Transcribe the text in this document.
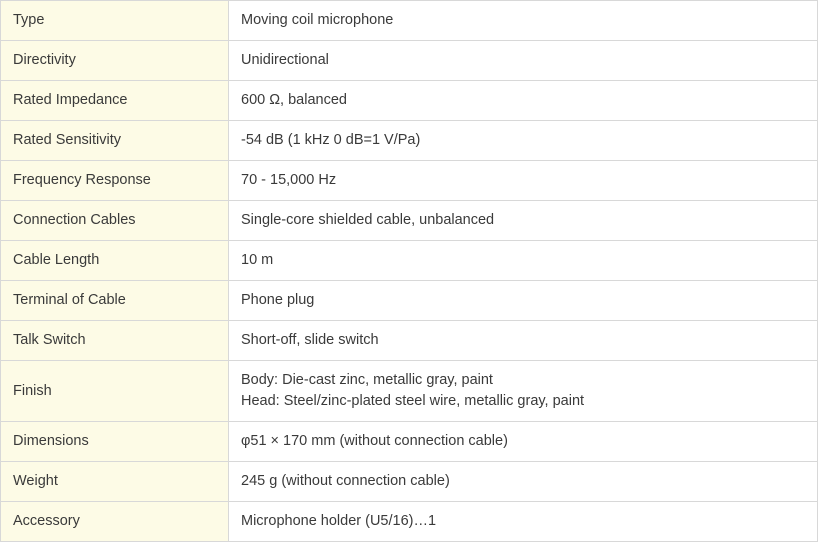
Type	Moving coil microphone

Directivity	Unidirectional

Rated Impedance	600 Ω, balanced

Rated Sensitivity	-54 dB (1 kHz 0 dB=1 V/Pa)

Frequency Response	70 - 15,000 Hz

Connection Cables	Single-core shielded cable, unbalanced

Cable Length	10 m

Terminal of Cable	Phone plug

Talk Switch	Short-off, slide switch

Finish	Body: Die-cast zinc, metallic gray, paint
Head: Steel/zinc-plated steel wire, metallic gray, paint

Dimensions	φ51 × 170 mm (without connection cable)

Weight	245 g (without connection cable)

Accessory	Microphone holder (U5/16)…1
